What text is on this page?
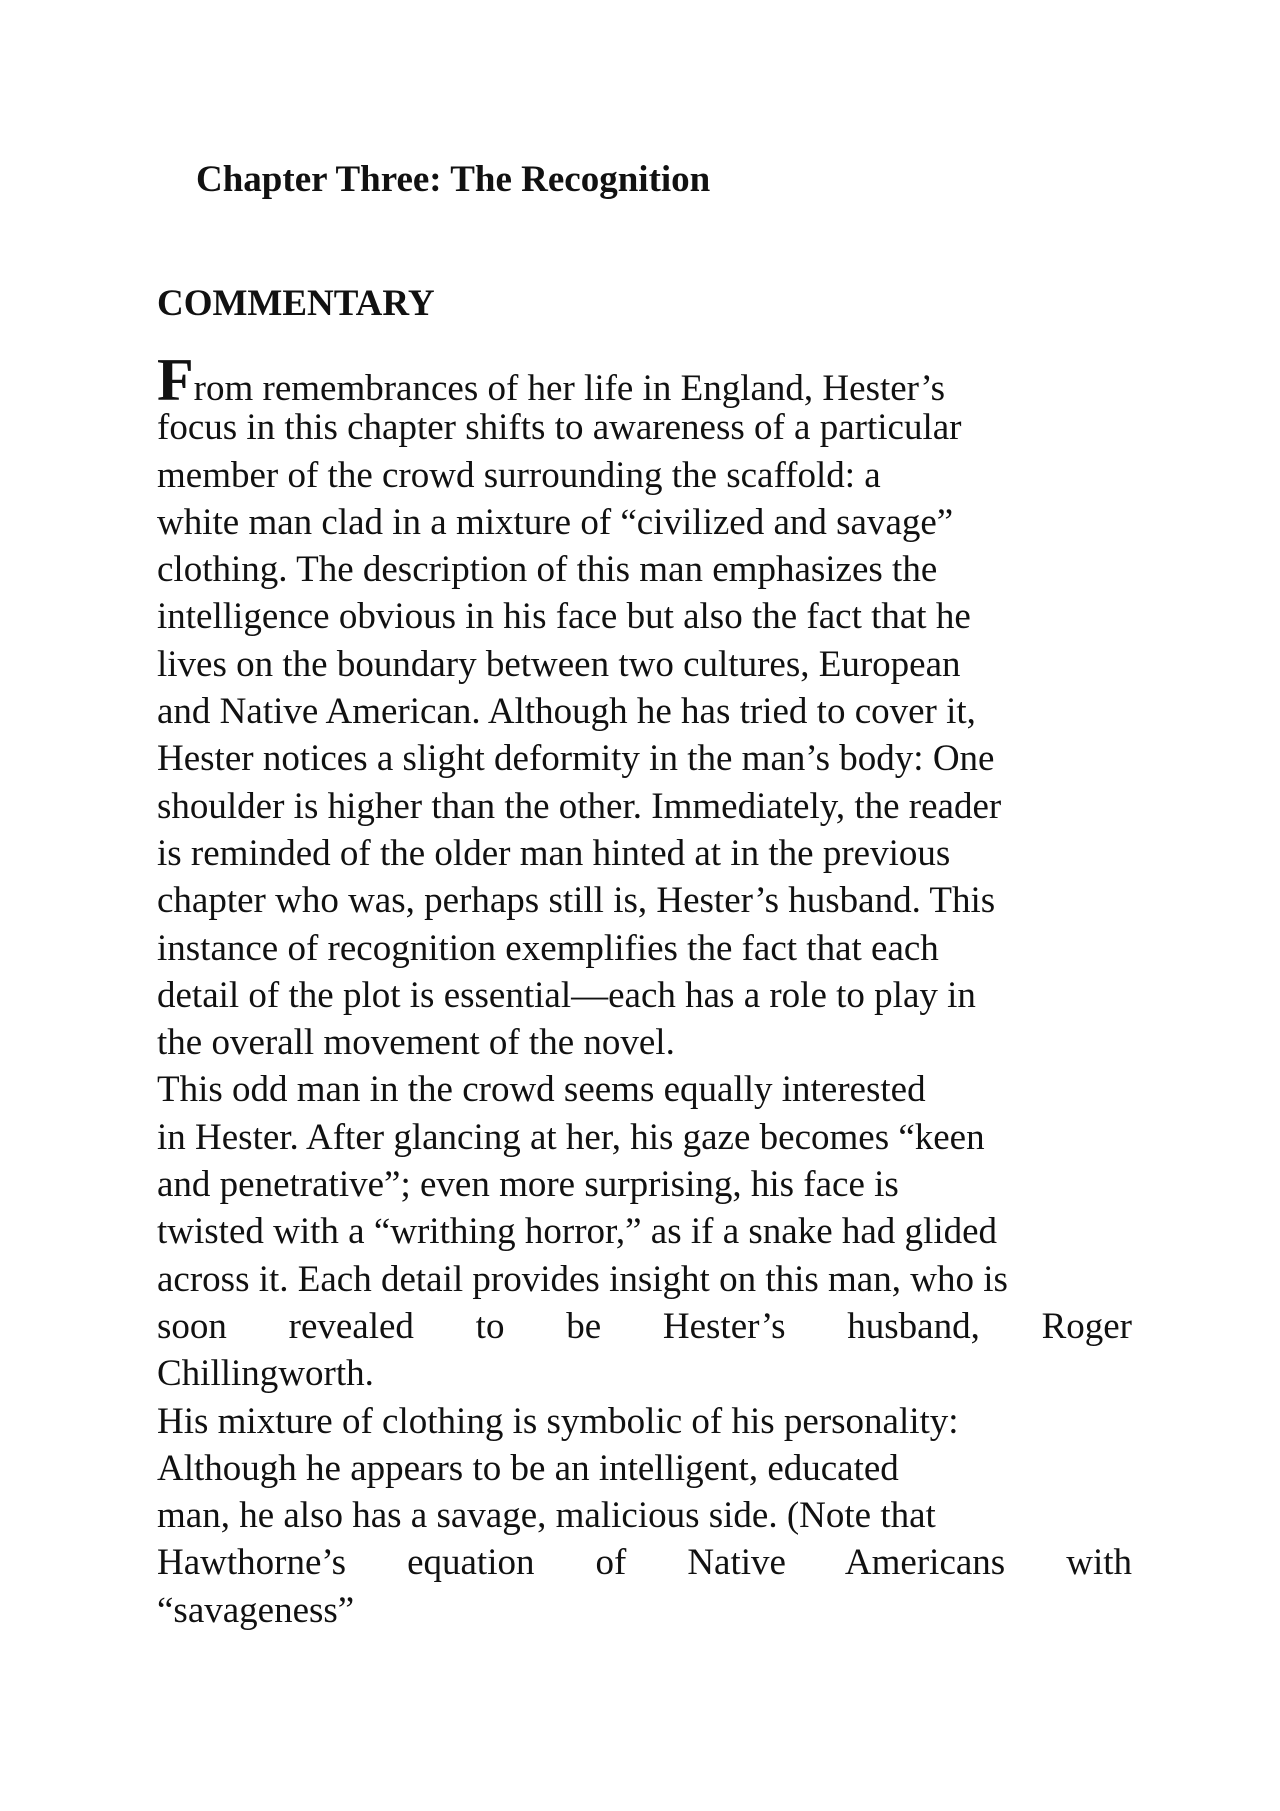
Chapter Three: The Recognition
COMMENTARY
From remembrances of her life in England, Hester’s
focus in this chapter shifts to awareness of a particular
member of the crowd surrounding the scaffold: a
white man clad in a mixture of “civilized and savage”
clothing. The description of this man emphasizes the
intelligence obvious in his face but also the fact that he
lives on the boundary between two cultures, European
and Native American. Although he has tried to cover it,
Hester notices a slight deformity in the man’s body: One
shoulder is higher than the other. Immediately, the reader
is reminded of the older man hinted at in the previous
chapter who was, perhaps still is, Hester’s husband. This
instance of recognition exemplifies the fact that each
detail of the plot is essential—each has a role to play in
the overall movement of the novel.
This odd man in the crowd seems equally interested
in Hester. After glancing at her, his gaze becomes “keen
and penetrative”; even more surprising, his face is
twisted with a “writhing horror,” as if a snake had glided
across it. Each detail provides insight on this man, who is
soon revealed to be Hester’s husband, Roger
Chillingworth.
His mixture of clothing is symbolic of his personality:
Although he appears to be an intelligent, educated
man, he also has a savage, malicious side. (Note that
Hawthorne’s equation of Native Americans with
“savageness”
